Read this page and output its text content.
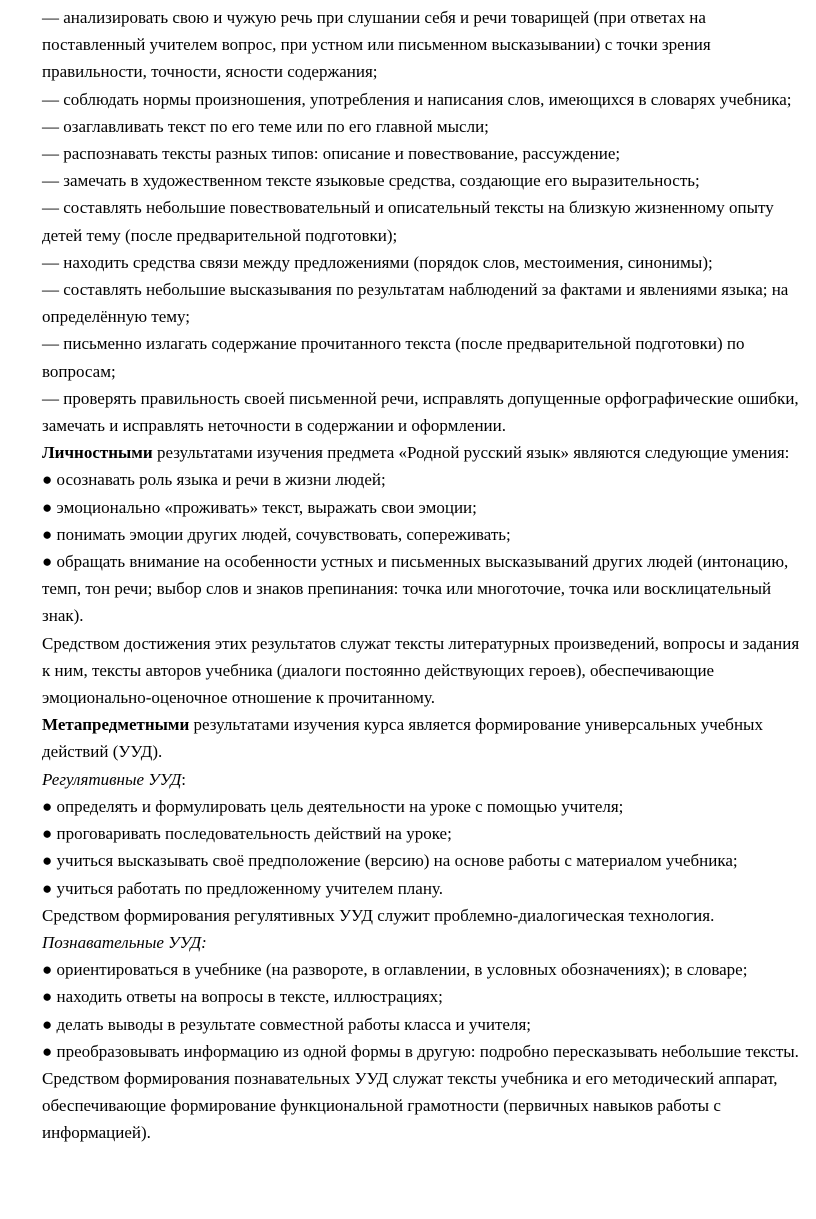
— анализировать свою и чужую речь при слушании себя и речи товарищей (при ответах на поставленный учителем вопрос, при устном или письменном высказывании) с точки зрения правильности, точности, ясности содержания;

— соблюдать нормы произношения, употребления и написания слов, имеющихся в словарях учебника;

— озаглавливать текст по его теме или по его главной мысли;

— распознавать тексты разных типов: описание и повествование, рассуждение;

— замечать в художественном тексте языковые средства, создающие его выразительность;

— составлять небольшие повествовательный и описательный тексты на близкую жизненному опыту детей тему (после предварительной подготовки);

— находить средства связи между предложениями (порядок слов, местоимения, синонимы);

— составлять небольшие высказывания по результатам наблюдений за фактами и явлениями языка; на определённую тему;

— письменно излагать содержание прочитанного текста (после предварительной подготовки) по вопросам;

— проверять правильность своей письменной речи, исправлять допущенные орфографические ошибки, замечать и исправлять неточности в содержании и оформлении.

Личностными результатами изучения предмета «Родной русский язык» являются следующие умения:

● осознавать роль языка и речи в жизни людей;

● эмоционально «проживать» текст, выражать свои эмоции;

● понимать эмоции других людей, сочувствовать, сопереживать;

● обращать внимание на особенности устных и письменных высказываний других людей (интонацию, темп, тон речи; выбор слов и знаков препинания: точка или многоточие, точка или восклицательный знак).

Средством достижения этих результатов служат тексты литературных произведений, вопросы и задания к ним, тексты авторов учебника (диалоги постоянно действующих героев), обеспечивающие эмоционально-оценочное отношение к прочитанному.

Метапредметными результатами изучения курса является формирование универсальных учебных действий (УУД).

Регулятивные УУД:

● определять и формулировать цель деятельности на уроке с помощью учителя;

● проговаривать последовательность действий на уроке;

● учиться высказывать своё предположение (версию) на основе работы с материалом учебника;

● учиться работать по предложенному учителем плану.

Средством формирования регулятивных УУД служит проблемно-диалогическая технология.

Познавательные УУД:

● ориентироваться в учебнике (на развороте, в оглавлении, в условных обозначениях); в словаре;

● находить ответы на вопросы в тексте, иллюстрациях;

● делать выводы в результате совместной работы класса и учителя;

● преобразовывать информацию из одной формы в другую: подробно пересказывать небольшие тексты.

Средством формирования познавательных УУД служат тексты учебника и его методический аппарат, обеспечивающие формирование функциональной грамотности (первичных навыков работы с информацией).
